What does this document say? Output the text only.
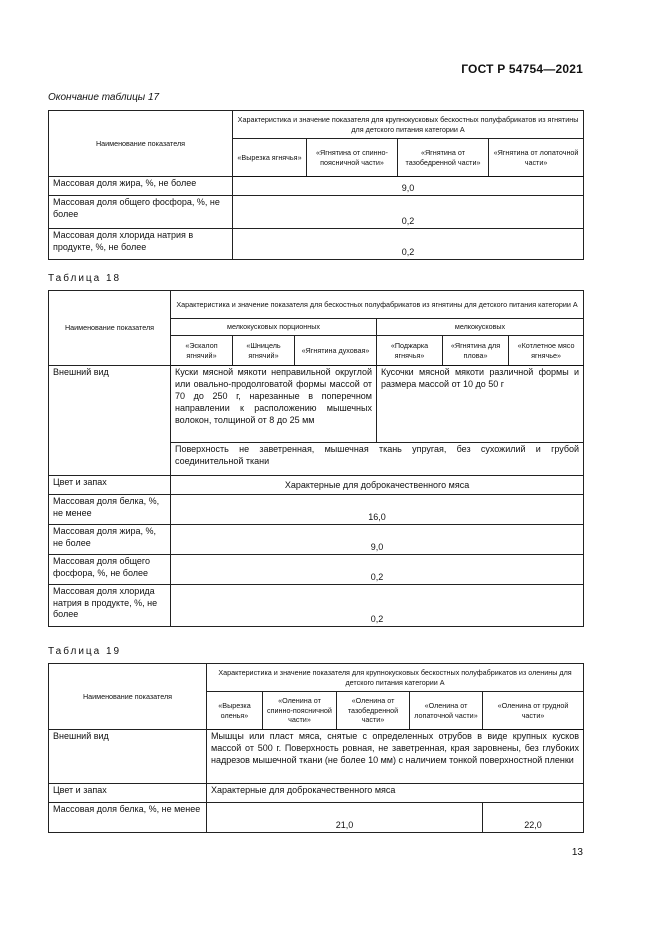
ГОСТ Р 54754—2021
Окончание таблицы 17
Наименование показателя	Характеристика и значение показателя для крупнокусковых бескостных полуфабрикатов из ягнятины для детского питания категории А			
	«Вырезка ягнячья»	«Ягнятина от спинно-поясничной части»	«Ягнятина от тазобедренной части»	«Ягнятина от лопаточной части»
Массовая доля жира, %, не более	9,0			
Массовая доля общего фосфора, %, не более	0,2			
Массовая доля хлорида натрия в продукте, %, не более	0,2			
Таблица 18
Наименование показателя	Характеристика и значение показателя для бескостных полуфабрикатов из ягнятины для детского питания категории А					
	мелкокусковых порционных			мелкокусковых		
	«Эскалоп ягнячий»	«Шницель ягнячий»	«Ягнятина духовая»	«Поджарка ягнячья»	«Ягнятина для плова»	«Котлетное мясо ягнячье»
Внешний вид	Куски мясной мякоти неправильной округлой или овально-продолговатой формы массой от 70 до 250 г, нарезанные в поперечном направлении к расположению мышечных волокон, толщиной от 8 до 25 мм			Кусочки мясной мякоти различной формы и размера массой от 10 до 50 г		
	Поверхность не заветренная, мышечная ткань упругая, без сухожилий и грубой соединительной ткани					
Цвет и запах	Характерные для доброкачественного мяса					
Массовая доля белка, %, не менее	16,0					
Массовая доля жира, %, не более	9,0					
Массовая доля общего фосфора, %, не более	0,2					
Массовая доля хлорида натрия в продукте, %, не более	0,2					
Таблица 19
Наименование показателя	Характеристика и значение показателя для крупнокусковых бескостных полуфабрикатов из оленины для детского питания категории А				
	«Вырезка оленья»	«Оленина от спинно-поясничной части»	«Оленина от тазобедренной части»	«Оленина от лопаточной части»	«Оленина от грудной части»
Внешний вид	Мышцы или пласт мяса, снятые с определенных отрубов в виде крупных кусков массой от 500 г. Поверхность ровная, не заветренная, края заровнены, без глубоких надрезов мышечной ткани (не более 10 мм) с наличием тонкой поверхностной пленки				
Цвет и запах	Характерные для доброкачественного мяса				
Массовая доля белка, %, не менее	21,0				22,0
13
